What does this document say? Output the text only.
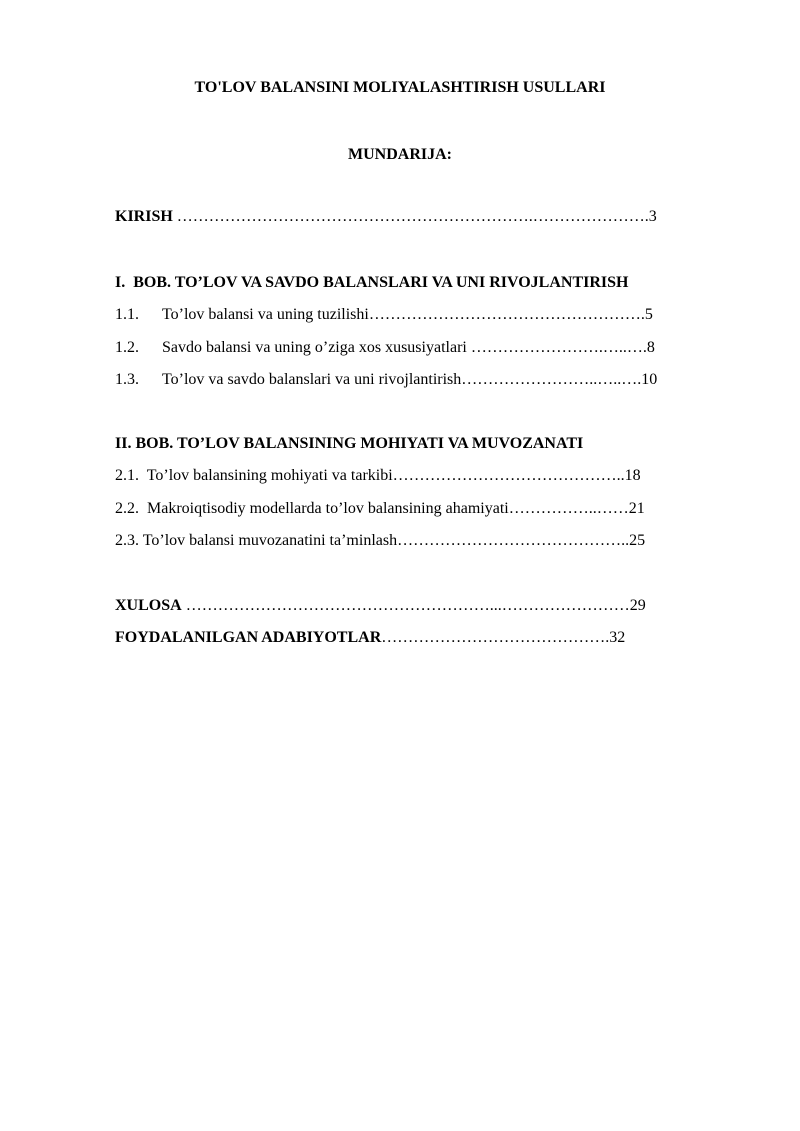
TO'LOV BALANSINI MOLIYALASHTIRISH USULLARI
MUNDARIJA:
KIRISH ………………………………………………………….………………….3
I.  BOB. TO’LOV VA SAVDO BALANSLARI VA UNI RIVOJLANTIRISH
1.1. To’lov balansi va uning tuzilishi…………………………………………….5
1.2. Savdo balansi va uning o’ziga xos xususiyatlari …………………….…..….8
1.3. To’lov va savdo balanslari va uni rivojlantirish……………………..…..….10
II. BOB. TO’LOV BALANSINING MOHIYATI VA MUVOZANATI
2.1.  To’lov balansining mohiyati va tarkibi……………………………………..18
2.2.  Makroiqtisodiy modellarda to’lov balansining ahamiyati……………..……21
2.3. To’lov balansi muvozanatini ta’minlash……………………………………..25
XULOSA …………………………………………………...……………………29
FOYDALANILGAN ADABIYOTLAR…………………………………….32
